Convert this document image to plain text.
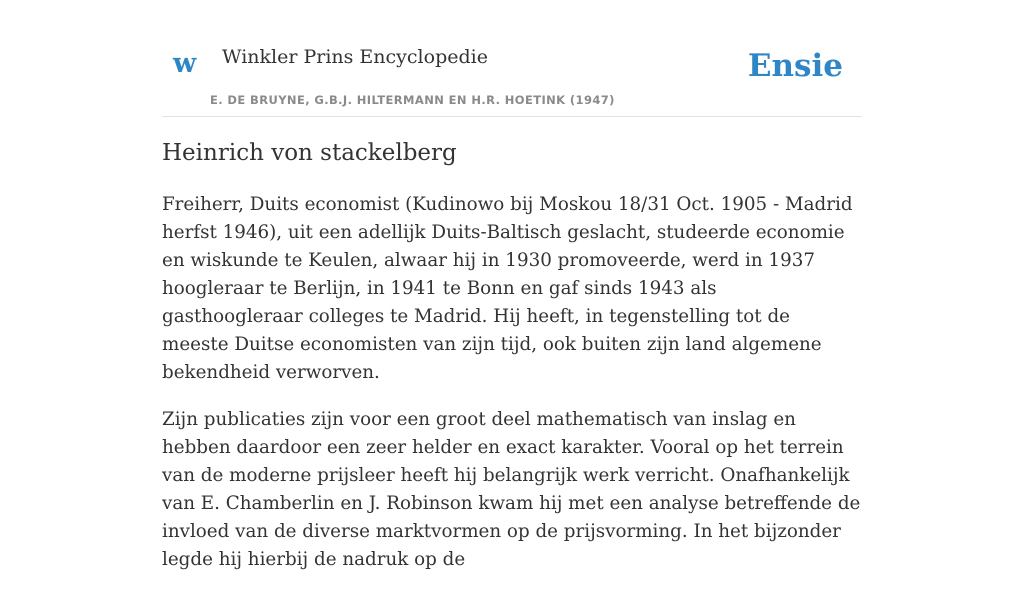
w Winkler Prins Encyclopedie
E. DE BRUYNE, G.B.J. HILTERMANN EN H.R. HOETINK (1947)
Ensie
Heinrich von stackelberg

Freiherr, Duits economist (Kudinowo bij Moskou 18/31 Oct. 1905 - Madrid herfst 1946), uit een adellijk Duits-Baltisch geslacht, studeerde economie en wiskunde te Keulen, alwaar hij in 1930 promoveerde, werd in 1937 hoogleraar te Berlijn, in 1941 te Bonn en gaf sinds 1943 als gasthoogleraar colleges te Madrid. Hij heeft, in tegenstelling tot de meeste Duitse economisten van zijn tijd, ook buiten zijn land algemene bekendheid verworven.

Zijn publicaties zijn voor een groot deel mathematisch van inslag en hebben daardoor een zeer helder en exact karakter. Vooral op het terrein van de moderne prijsleer heeft hij belangrijk werk verricht. Onafhankelijk van E. Chamberlin en J. Robinson kwam hij met een analyse betreffende de invloed van de diverse marktvormen op de prijsvorming. In het bijzonder legde hij hierbij de nadruk op de
